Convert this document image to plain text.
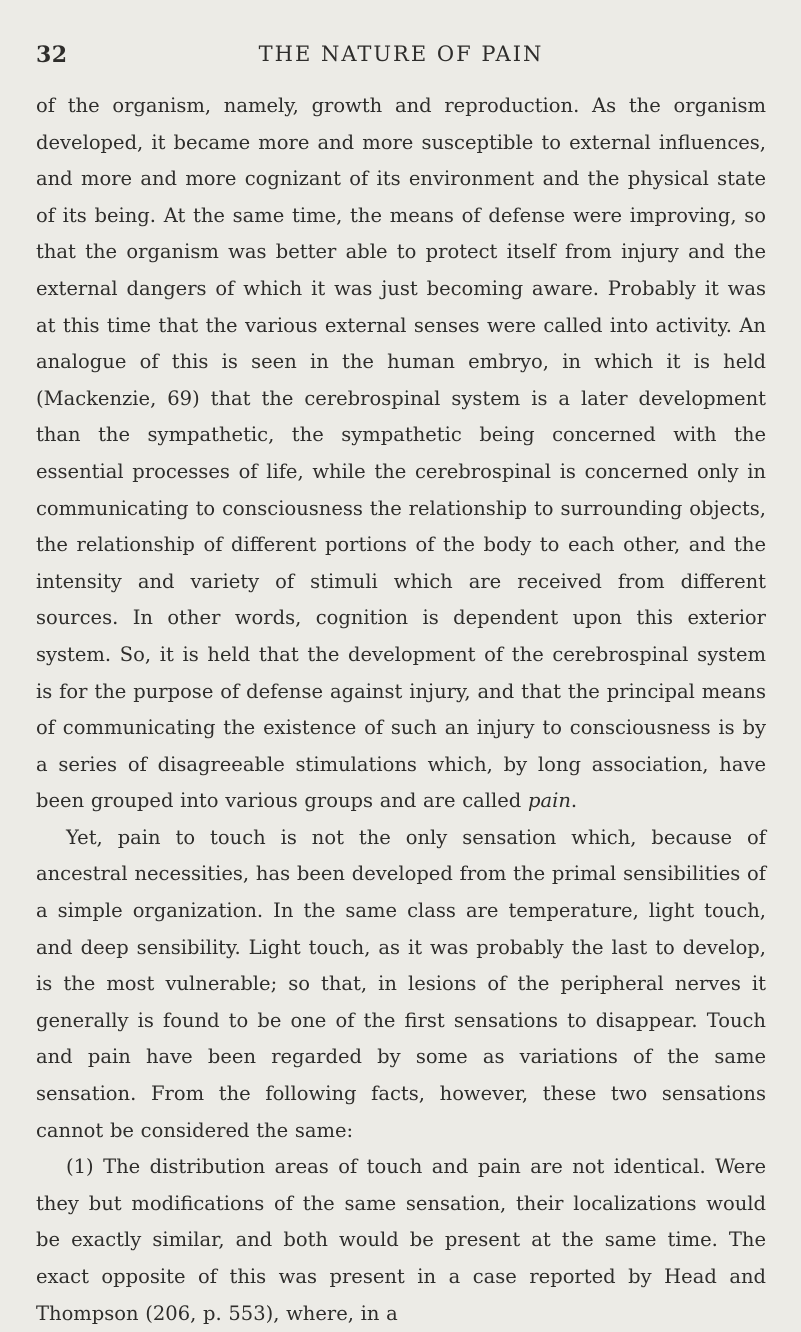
32	THE NATURE OF PAIN

of the organism, namely, growth and reproduction. As the organism developed, it became more and more susceptible to external influences, and more and more cognizant of its environment and the physical state of its being. At the same time, the means of defense were improving, so that the organism was better able to protect itself from injury and the external dangers of which it was just becoming aware. Probably it was at this time that the various external senses were called into activity. An analogue of this is seen in the human embryo, in which it is held (Mackenzie, 69) that the cerebrospinal system is a later development than the sympathetic, the sympathetic being concerned with the essential processes of life, while the cerebrospinal is concerned only in communicating to consciousness the relationship to surrounding objects, the relationship of different portions of the body to each other, and the intensity and variety of stimuli which are received from different sources. In other words, cognition is dependent upon this exterior system. So, it is held that the development of the cerebrospinal system is for the purpose of defense against injury, and that the principal means of communicating the existence of such an injury to consciousness is by a series of disagreeable stimulations which, by long association, have been grouped into various groups and are called pain.

Yet, pain to touch is not the only sensation which, because of ancestral necessities, has been developed from the primal sensibilities of a simple organization. In the same class are temperature, light touch, and deep sensibility. Light touch, as it was probably the last to develop, is the most vulnerable; so that, in lesions of the peripheral nerves it generally is found to be one of the first sensations to disappear. Touch and pain have been regarded by some as variations of the same sensation. From the following facts, however, these two sensations cannot be considered the same:

(1) The distribution areas of touch and pain are not identical. Were they but modifications of the same sensation, their localizations would be exactly similar, and both would be present at the same time. The exact opposite of this was present in a case reported by Head and Thompson (206, p. 553), where, in a
